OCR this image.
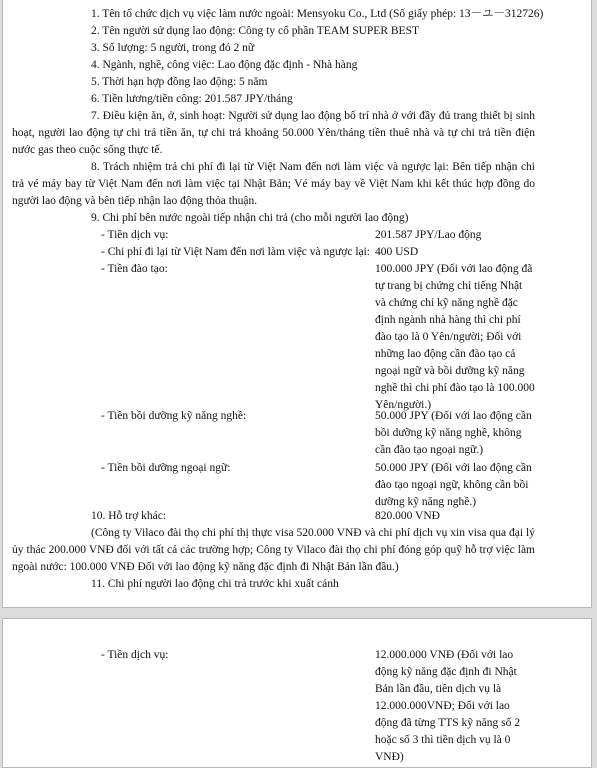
1. Tên tổ chức dịch vụ việc làm nước ngoài: Mensyoku Co., Ltd (Số giấy phép: 13－ユ－312726)

2. Tên người sử dụng lao động: Công ty cổ phần TEAM SUPER BEST

3. Số lượng: 5 người, trong đó 2 nữ

4. Ngành, nghề, công việc: Lao động đặc định - Nhà hàng

5. Thời hạn hợp đồng lao động: 5 năm

6. Tiền lương/tiền công: 201.587 JPY/tháng

7. Điều kiện ăn, ở, sinh hoạt: Người sử dụng lao động bố trí nhà ở với đầy đủ trang thiết bị sinh hoạt, người lao động tự chi trả tiền ăn, tự chi trả khoảng 50.000 Yên/tháng tiền thuê nhà và tự chi trả tiền điện nước gas theo cuộc sống thực tế.

8. Trách nhiệm trả chi phí đi lại từ Việt Nam đến nơi làm việc và ngược lại: Bên tiếp nhận chi trả vé máy bay từ Việt Nam đến nơi làm việc tại Nhật Bản; Vé máy bay về Việt Nam khi kết thúc hợp đồng do người lao động và bên tiếp nhận lao động thỏa thuận.

9. Chi phí bên nước ngoài tiếp nhận chi trả (cho mỗi người lao động)

- Tiền dịch vụ:	201.587 JPY/Lao động
- Chi phí đi lại từ Việt Nam đến nơi làm việc và ngược lại: 400 USD
- Tiền đào tạo:	100.000 JPY (Đối với lao động đã tự trang bị chứng chỉ tiếng Nhật và chứng chỉ kỹ năng nghề đặc định ngành nhà hàng thì chi phí đào tạo là 0 Yên/người; Đối với những lao động cần đào tạo cả ngoại ngữ và bồi dưỡng kỹ năng nghề thì chi phí đào tạo là 100.000 Yên/người.)
- Tiền bồi dưỡng kỹ năng nghề:	50.000 JPY (Đối với lao động cần bồi dưỡng kỹ năng nghề, không cần đào tạo ngoại ngữ.)
- Tiền bồi dưỡng ngoại ngữ:	50.000 JPY (Đối với lao động cần đào tạo ngoại ngữ, không cần bồi dưỡng kỹ năng nghề.)
10. Hỗ trợ khác:	820.000 VNĐ

(Công ty Vilaco đài thọ chi phí thị thực visa 520.000 VNĐ và chi phí dịch vụ xin visa qua đại lý ủy thác 200.000 VNĐ đối với tất cả các trường hợp; Công ty Vilaco đài thọ chi phí đóng góp quỹ hỗ trợ việc làm ngoài nước: 100.000 VNĐ Đối với lao động kỹ năng đặc định đi Nhật Bản lần đầu.)

11. Chi phí người lao động chi trả trước khi xuất cảnh

- Tiền dịch vụ:	12.000.000 VNĐ (Đối với lao động kỹ năng đặc định đi Nhật Bản lần đầu, tiền dịch vụ là 12.000.000VNĐ; Đối với lao động đã từng TTS kỹ năng số 2 hoặc số 3 thì tiền dịch vụ là 0 VNĐ)
